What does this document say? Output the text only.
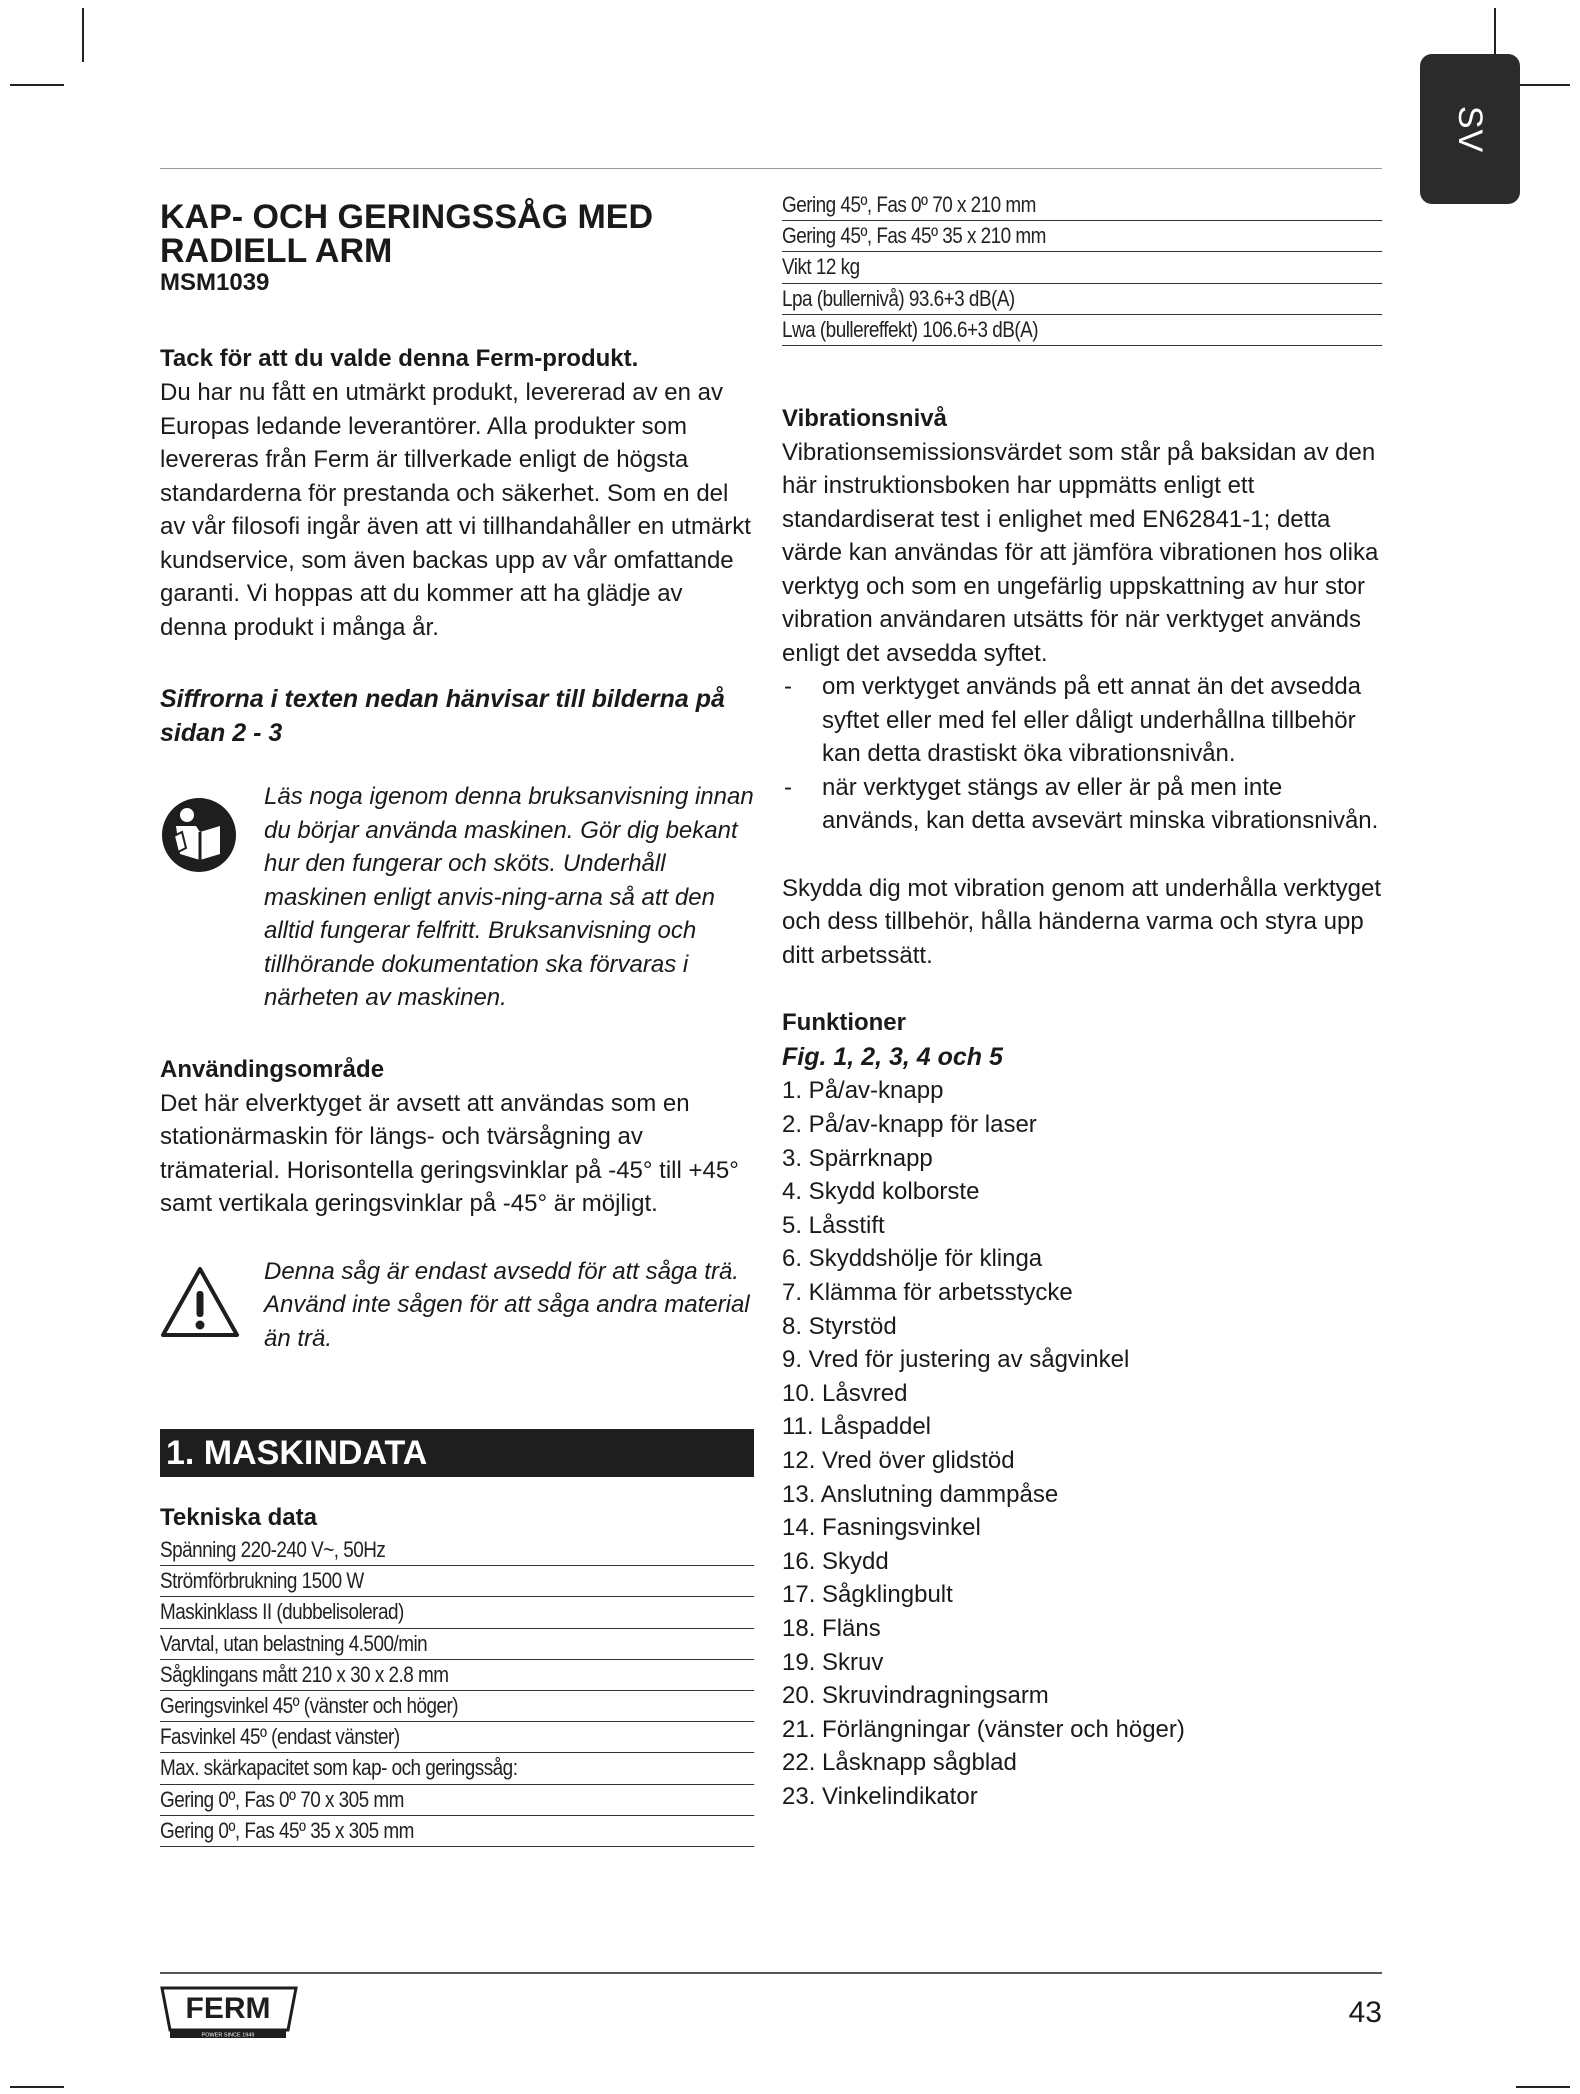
SV
KAP- OCH GERINGSSÅG MED
RADIELL ARM

MSM1039

Tack för att du valde denna Ferm-produkt.

Du har nu fått en utmärkt produkt, levererad av en av Europas ledande leverantörer. Alla produkter som levereras från Ferm är tillverkade enligt de högsta standarderna för prestanda och säkerhet. Som en del av vår filosofi ingår även att vi tillhandahåller en utmärkt kundservice, som även backas upp av vår omfattande garanti. Vi hoppas att du kommer att ha glädje av denna produkt i många år.

Siffrorna i texten nedan hänvisar till bilderna på sidan 2 - 3

Läs noga igenom denna bruksanvisning innan du börjar använda maskinen. Gör dig bekant hur den fungerar och sköts. Underhåll maskinen enligt anvis-ning-arna så att den alltid fungerar felfritt. Bruksanvisning och tillhörande dokumentation ska förvaras i närheten av maskinen.

Användingsområde

Det här elverktyget är avsett att användas som en stationärmaskin för längs- och tvärsågning av trämaterial. Horisontella geringsvinklar på -45° till +45° samt vertikala geringsvinklar på -45° är möjligt.

Denna såg är endast avsedd för att såga trä. Använd inte sågen för att såga andra material än trä.

1. MASKINDATA

Tekniska data

Spänning 220-240 V~, 50Hz
Strömförbrukning 1500 W
Maskinklass II (dubbelisolerad)
Varvtal, utan belastning 4.500/min
Sågklingans mått 210 x 30 x 2.8 mm
Geringsvinkel 45º (vänster och höger)
Fasvinkel 45º (endast vänster)
Max. skärkapacitet som kap- och geringssåg:
Gering 0º, Fas 0º 70 x 305 mm
Gering 0º, Fas 45º 35 x 305 mm
Gering 45º, Fas 0º 70 x 210 mm
Gering 45º, Fas 45º 35 x 210 mm
Vikt 12 kg
Lpa (bullernivå) 93.6+3 dB(A)
Lwa (bullereffekt) 106.6+3 dB(A)

Vibrationsnivå

Vibrationsemissionsvärdet som står på baksidan av den här instruktionsboken har uppmätts enligt ett standardiserat test i enlighet med EN62841-1; detta värde kan användas för att jämföra vibrationen hos olika verktyg och som en ungefärlig uppskattning av hur stor vibration användaren utsätts för när verktyget används enligt det avsedda syftet.

-	om verktyget används på ett annat än det avsedda syftet eller med fel eller dåligt underhållna tillbehör kan detta drastiskt öka vibrationsnivån.
-	när verktyget stängs av eller är på men inte används, kan detta avsevärt minska vibrationsnivån.

Skydda dig mot vibration genom att underhålla verktyget och dess tillbehör, hålla händerna varma och styra upp ditt arbetssätt.

Funktioner

Fig. 1, 2, 3, 4 och 5

1. På/av-knapp
2. På/av-knapp för laser
3. Spärrknapp
4. Skydd kolborste
5. Låsstift
6. Skyddshölje för klinga
7. Klämma för arbetsstycke
8. Styrstöd
9. Vred för justering av sågvinkel
10. Låsvred
11. Låspaddel
12. Vred över glidstöd
13. Anslutning dammpåse
14. Fasningsvinkel
16. Skydd
17. Sågklingbult
18. Fläns
19. Skruv
20. Skruvindragningsarm
21. Förlängningar (vänster och höger)
22. Låsknapp sågblad
23. Vinkelindikator
FERM
POWER SINCE 1949
43
